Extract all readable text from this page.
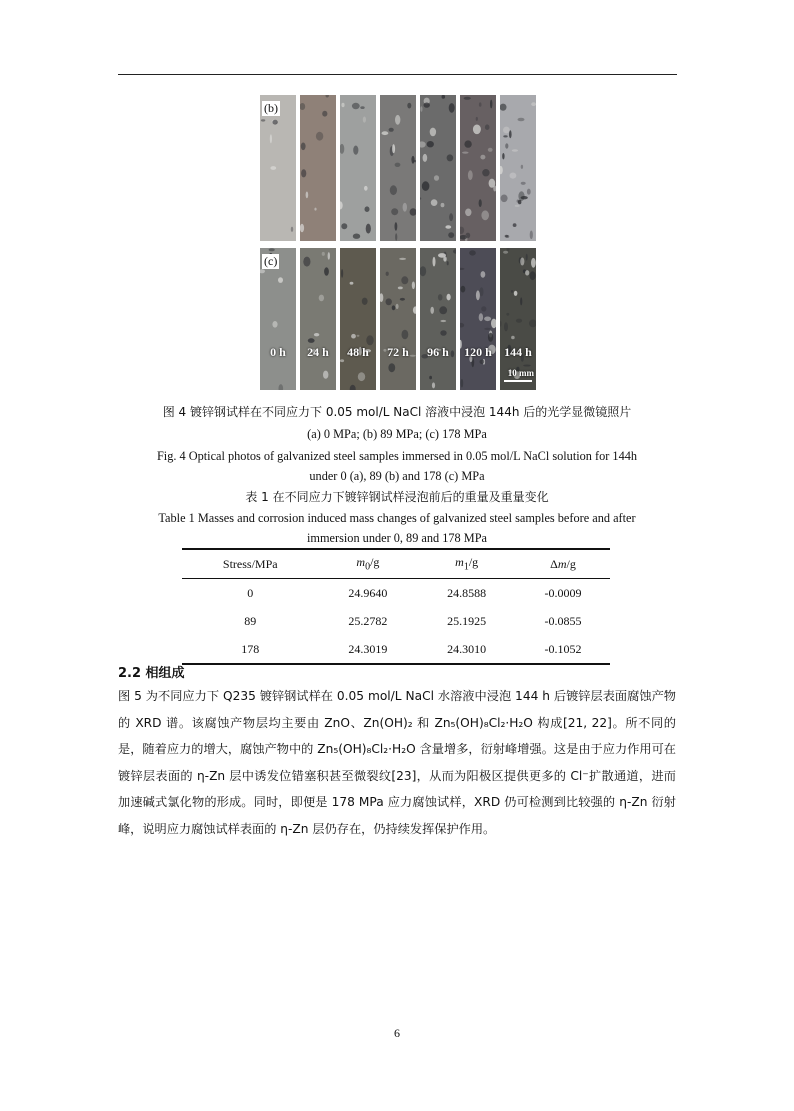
(b)
144 h
120 h
96 h
72 h
48 h
24 h
0 h
(c)
10 mm
图 4 镀锌钢试样在不同应力下 0.05 mol/L NaCl 溶液中浸泡 144h 后的光学显微镜照片
(a) 0 MPa; (b) 89 MPa; (c) 178 MPa
Fig. 4 Optical photos of galvanized steel samples immersed in 0.05 mol/L NaCl solution for 144h
under 0 (a), 89 (b) and 178 (c) MPa
表 1 在不同应力下镀锌钢试样浸泡前后的重量及重量变化
Table 1 Masses and corrosion induced mass changes of galvanized steel samples before and after
immersion under 0, 89 and 178 MPa
Stress/MPa	$m_0/g$	$m_1/g$	Δm/g
0	24.9640	24.8588	-0.0009
89	25.2782	25.1925	-0.0855
178	24.3019	24.3010	-0.1052
2.2 相组成
图 5 为不同应力下 Q235 镀锌钢试样在 0.05 mol/L NaCl 水溶液中浸泡 144 h 后镀锌层表面腐蚀产物的 XRD 谱。该腐蚀产物层均主要由 ZnO、Zn(OH)₂ 和 Zn₅(OH)₈Cl₂·H₂O 构成[21, 22]。所不同的是，随着应力的增大，腐蚀产物中的 Zn₅(OH)₈Cl₂·H₂O 含量增多，衍射峰增强。这是由于应力作用可在镀锌层表面的 η-Zn 层中诱发位错塞积甚至微裂纹[23]，从而为阳极区提供更多的 Cl⁻扩散通道，进而加速碱式氯化物的形成。同时，即便是 178 MPa 应力腐蚀试样，XRD 仍可检测到比较强的 η-Zn 衍射峰，说明应力腐蚀试样表面的 η-Zn 层仍存在，仍持续发挥保护作用。
6
